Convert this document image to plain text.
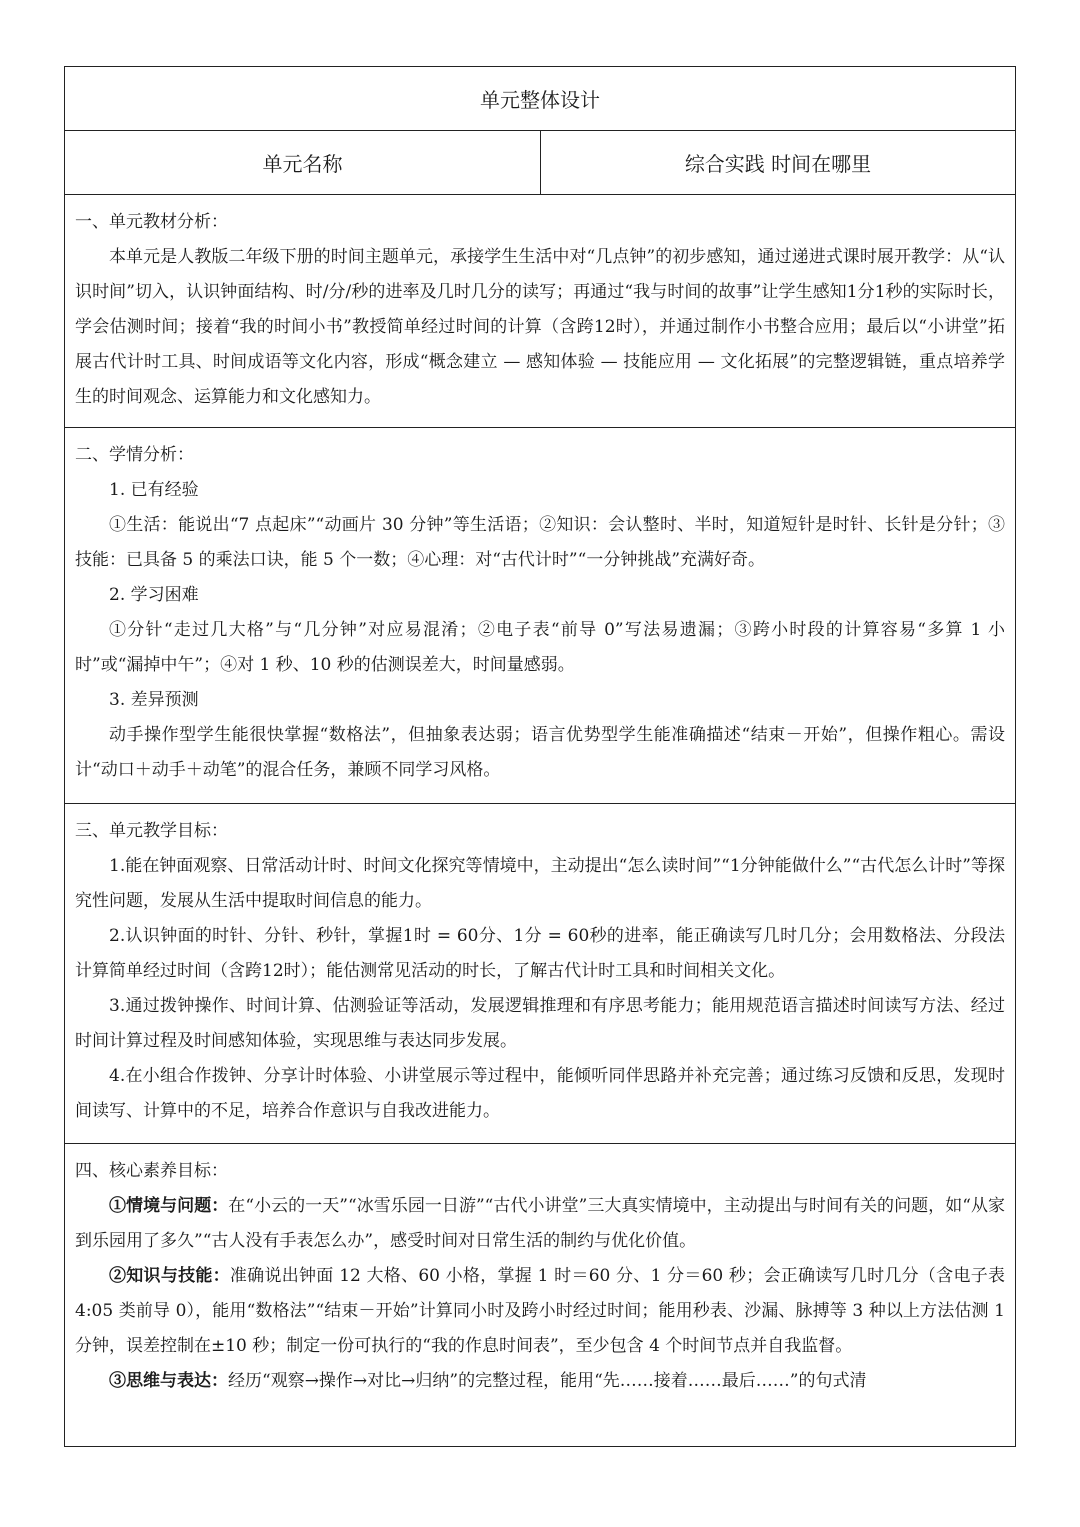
单元整体设计
单元名称	综合实践 时间在哪里
一、单元教材分析：
本单元是人教版二年级下册的时间主题单元，承接学生生活中对“几点钟”的初步感知，通过递进式课时展开教学：从“认识时间”切入，认识钟面结构、时/分/秒的进率及几时几分的读写；再通过“我与时间的故事”让学生感知1分1秒的实际时长，学会估测时间；接着“我的时间小书”教授简单经过时间的计算（含跨12时），并通过制作小书整合应用；最后以“小讲堂”拓展古代计时工具、时间成语等文化内容，形成“概念建立 — 感知体验 — 技能应用 — 文化拓展”的完整逻辑链，重点培养学生的时间观念、运算能力和文化感知力。
二、学情分析：
1. 已有经验
①生活：能说出“7 点起床”“动画片 30 分钟”等生活语；②知识：会认整时、半时，知道短针是时针、长针是分针；③技能：已具备 5 的乘法口诀，能 5 个一数；④心理：对“古代计时”“一分钟挑战”充满好奇。
2. 学习困难
①分针“走过几大格”与“几分钟”对应易混淆；②电子表“前导 0”写法易遗漏；③跨小时段的计算容易“多算 1 小时”或“漏掉中午”；④对 1 秒、10 秒的估测误差大，时间量感弱。
3. 差异预测
动手操作型学生能很快掌握“数格法”，但抽象表达弱；语言优势型学生能准确描述“结束－开始”，但操作粗心。需设计“动口＋动手＋动笔”的混合任务，兼顾不同学习风格。
三、单元教学目标：
1.能在钟面观察、日常活动计时、时间文化探究等情境中，主动提出“怎么读时间”“1分钟能做什么”“古代怎么计时”等探究性问题，发展从生活中提取时间信息的能力。
2.认识钟面的时针、分针、秒针，掌握1时 = 60分、1分 = 60秒的进率，能正确读写几时几分；会用数格法、分段法计算简单经过时间（含跨12时）；能估测常见活动的时长，了解古代计时工具和时间相关文化。
3.通过拨钟操作、时间计算、估测验证等活动，发展逻辑推理和有序思考能力；能用规范语言描述时间读写方法、经过时间计算过程及时间感知体验，实现思维与表达同步发展。
4.在小组合作拨钟、分享计时体验、小讲堂展示等过程中，能倾听同伴思路并补充完善；通过练习反馈和反思，发现时间读写、计算中的不足，培养合作意识与自我改进能力。
四、核心素养目标：
①情境与问题：在“小云的一天”“冰雪乐园一日游”“古代小讲堂”三大真实情境中，主动提出与时间有关的问题，如“从家到乐园用了多久”“古人没有手表怎么办”，感受时间对日常生活的制约与优化价值。
②知识与技能：准确说出钟面 12 大格、60 小格，掌握 1 时＝60 分、1 分＝60 秒；会正确读写几时几分（含电子表 4:05 类前导 0），能用“数格法”“结束－开始”计算同小时及跨小时经过时间；能用秒表、沙漏、脉搏等 3 种以上方法估测 1 分钟，误差控制在±10 秒；制定一份可执行的“我的作息时间表”，至少包含 4 个时间节点并自我监督。
③思维与表达：经历“观察→操作→对比→归纳”的完整过程，能用“先……接着……最后……”的句式清
